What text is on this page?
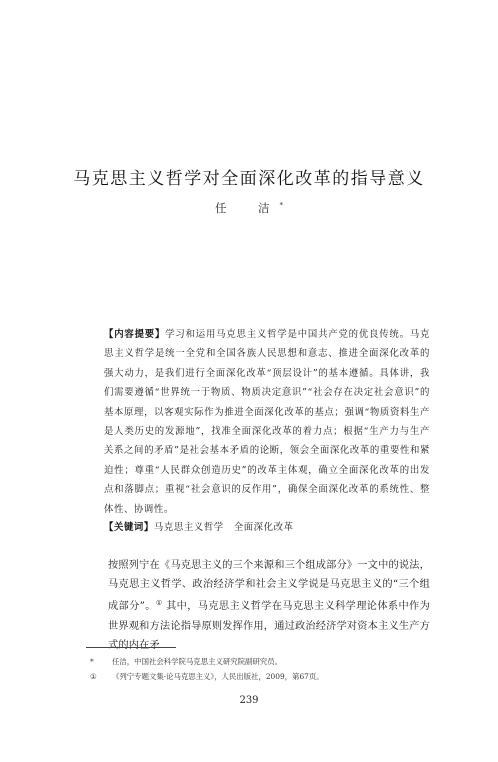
马克思主义哲学对全面深化改革的指导意义
任　洁*
【内容提要】学习和运用马克思主义哲学是中国共产党的优良传统。马克思主义哲学是统一全党和全国各族人民思想和意志、推进全面深化改革的强大动力，是我们进行全面深化改革“顶层设计”的基本遵循。具体讲，我们需要遵循“世界统一于物质、物质决定意识”“社会存在决定社会意识”的基本原理，以客观实际作为推进全面深化改革的基点；强调“物质资料生产是人类历史的发源地”，找准全面深化改革的着力点；根据“生产力与生产关系之间的矛盾”是社会基本矛盾的论断，领会全面深化改革的重要性和紧迫性；尊重“人民群众创造历史”的改革主体观，确立全面深化改革的出发点和落脚点；重视“社会意识的反作用”，确保全面深化改革的系统性、整体性、协调性。
【关键词】马克思主义哲学 全面深化改革
按照列宁在《马克思主义的三个来源和三个组成部分》一文中的说法，马克思主义哲学、政治经济学和社会主义学说是马克思主义的“三个组成部分”。① 其中，马克思主义哲学在马克思主义科学理论体系中作为世界观和方法论指导原则发挥作用，通过政治经济学对资本主义生产方式的内在矛
*	任洁，中国社会科学院马克思主义研究院副研究员。
①	《列宁专题文集·论马克思主义》，人民出版社，2009，第67页。
239
